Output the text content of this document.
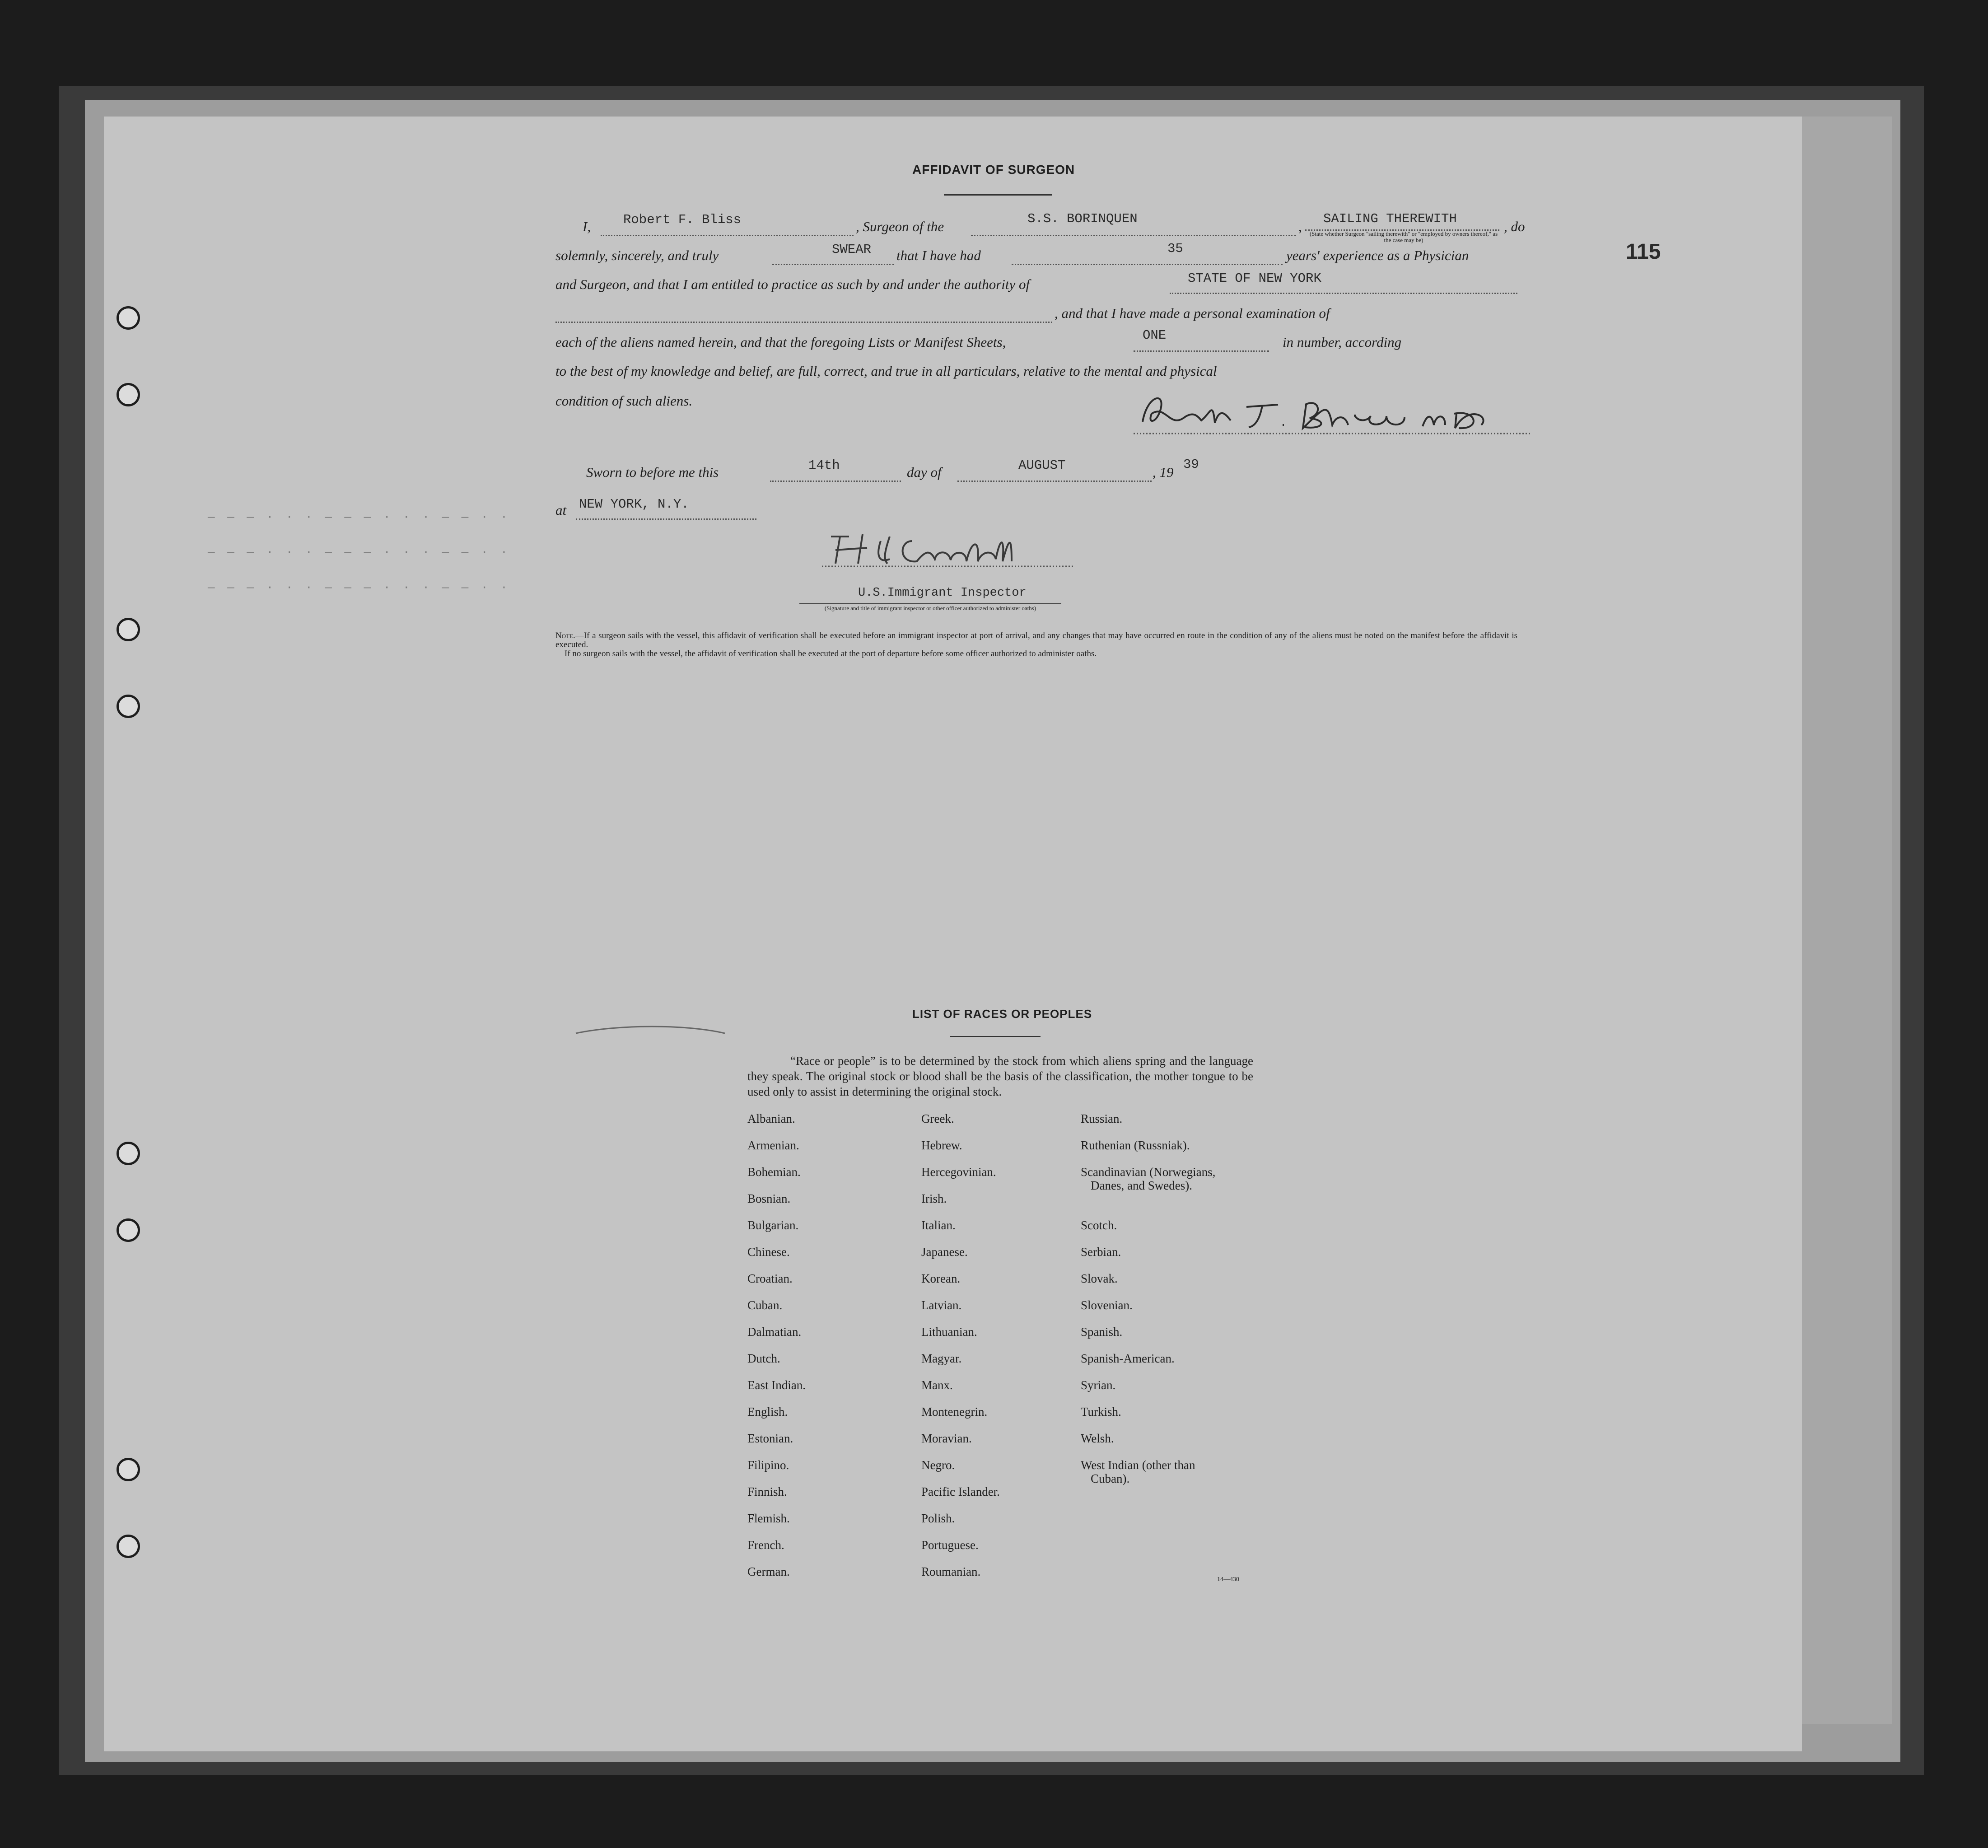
115
— — — · · · — — — · · · — — · ·
— — — · · · — — — · · · — — · ·
— — — · · · — — — · · · — — · ·
AFFIDAVIT OF SURGEON
I, Robert F. Bliss	, Surgeon of the	S.S. BORINQUEN	, SAILING THEREWITH	, do
(State whether Surgeon "sailing therewith" or "employed by owners thereof," as the case may be)
solemnly, sincerely, and truly	SWEAR that I have had	35	years' experience as a Physician
and Surgeon, and that I am entitled to practice as such by and under the authority of	STATE OF NEW YORK
, and that I have made a personal examination of
each of the aliens named herein, and that the foregoing Lists or Manifest Sheets,	ONE	in number, according
to the best of my knowledge and belief, are full, correct, and true in all particulars, relative to the mental and physical
condition of such aliens.
Sworn to before me this	14th	day of	AUGUST	, 19 39
at NEW YORK, N.Y.
U.S.Immigrant Inspector
(Signature and title of immigrant inspector or other officer authorized to administer oaths)
Note.—If a surgeon sails with the vessel, this affidavit of verification shall be executed before an immigrant inspector at port of arrival, and any changes that may have occurred en route in the condition of any of the aliens must be noted on the manifest before the affidavit is executed.
If no surgeon sails with the vessel, the affidavit of verification shall be executed at the port of departure before some officer authorized to administer oaths.
LIST OF RACES OR PEOPLES
“Race or people” is to be determined by the stock from which aliens spring and the language they speak. The original stock or blood shall be the basis of the classification, the mother tongue to be used only to assist in determining the original stock.
Albanian.
Armenian.
Bohemian.
Bosnian.
Bulgarian.
Chinese.
Croatian.
Cuban.
Dalmatian.
Dutch.
East Indian.
English.
Estonian.
Filipino.
Finnish.
Flemish.
French.
German.
Greek.
Hebrew.
Hercegovinian.
Irish.
Italian.
Japanese.
Korean.
Latvian.
Lithuanian.
Magyar.
Manx.
Montenegrin.
Moravian.
Negro.
Pacific Islander.
Polish.
Portuguese.
Roumanian.
Russian.
Ruthenian (Russniak).
Scandinavian (Norwegians,
Danes, and Swedes).
Scotch.
Serbian.
Slovak.
Slovenian.
Spanish.
Spanish-American.
Syrian.
Turkish.
Welsh.
West Indian (other than
Cuban).
14—430
